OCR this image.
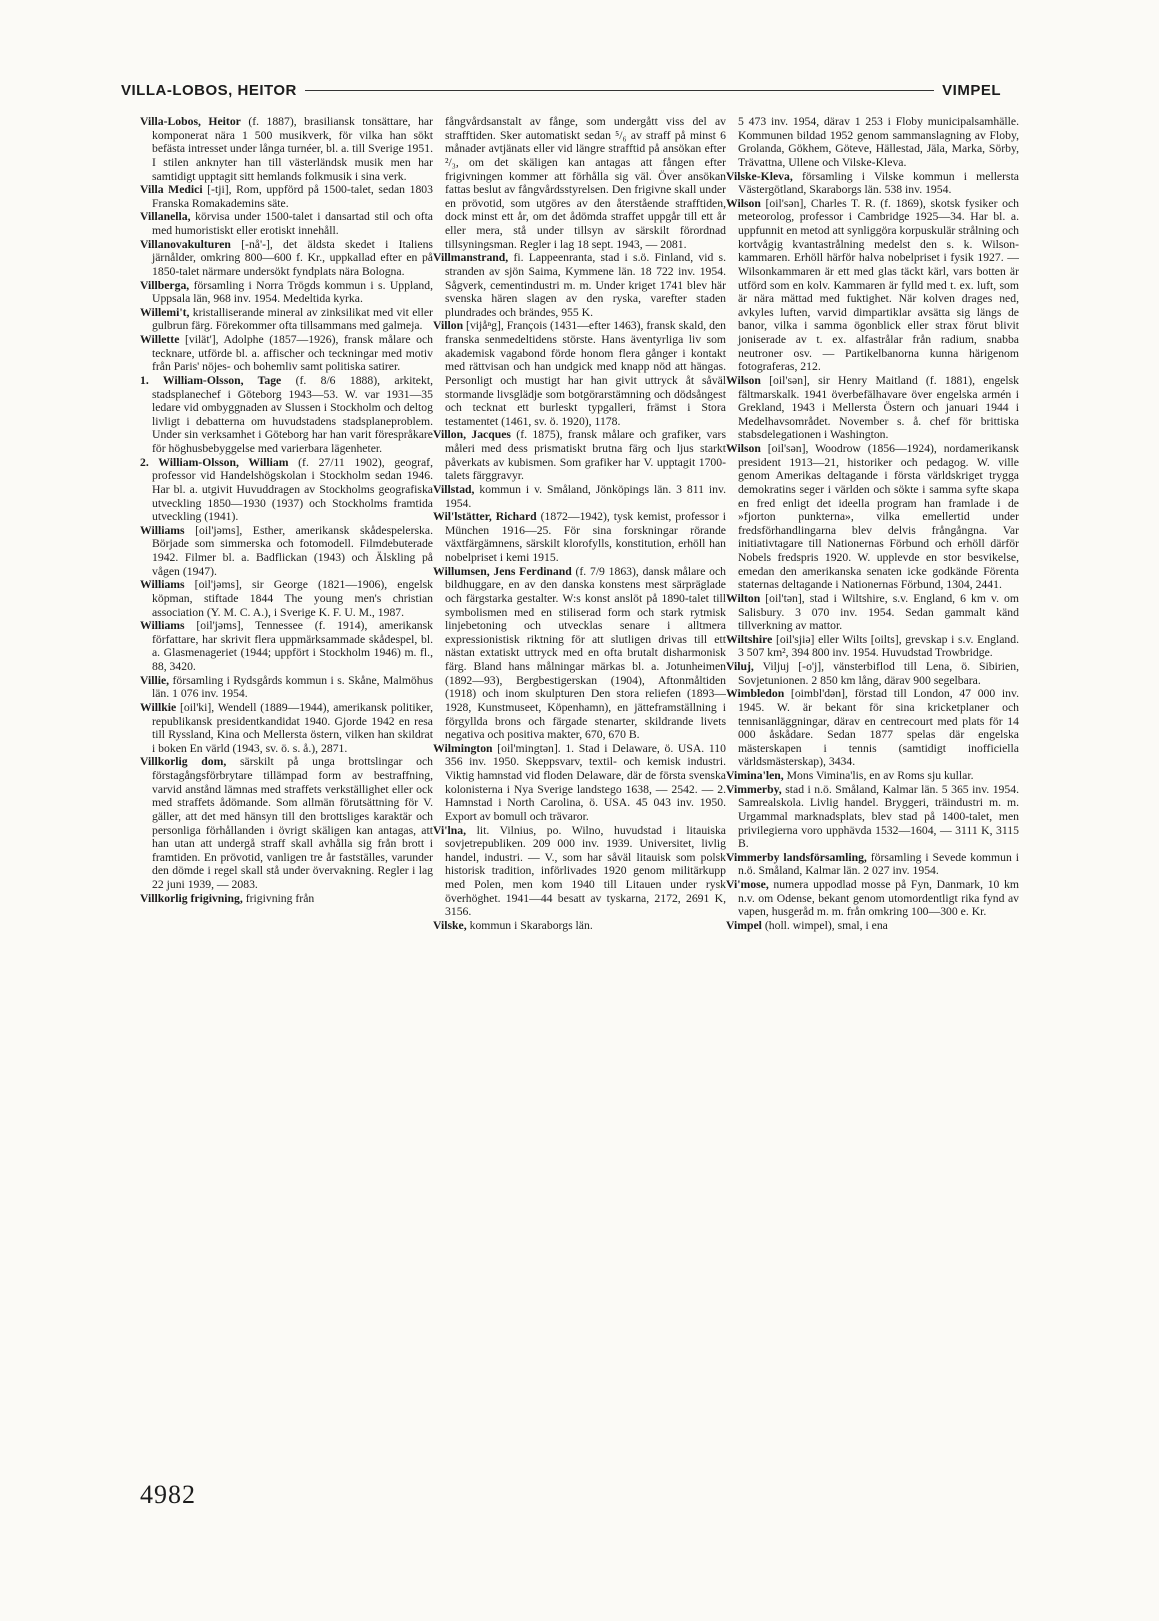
VILLA-LOBOS, HEITOR	VIMPEL

Villa-Lobos, Heitor (f. 1887), brasiliansk tonsättare, har komponerat nära 1 500 musikverk, för vilka han sökt befästa intresset under långa turnéer, bl. a. till Sverige 1951. I stilen anknyter han till västerländsk musik men har samtidigt upptagit sitt hemlands folkmusik i sina verk.

Villa Medici [-tji], Rom, uppförd på 1500-talet, sedan 1803 Franska Romakademins säte.

Villanella, körvisa under 1500-talet i dansartad stil och ofta med humoristiskt eller erotiskt innehåll.

Villanovakulturen [-nå'-], det äldsta skedet i Italiens järnålder, omkring 800—600 f. Kr., uppkallad efter en på 1850-talet närmare undersökt fyndplats nära Bologna.

Villberga, församling i Norra Trögds kommun i s. Uppland, Uppsala län, 968 inv. 1954. Medeltida kyrka.

Willemi't, kristalliserande mineral av zinksilikat med vit eller gulbrun färg. Förekommer ofta tillsammans med galmeja.

Willette [vilät'], Adolphe (1857—1926), fransk målare och tecknare, utförde bl. a. affischer och teckningar med motiv från Paris' nöjes- och bohemliv samt politiska satirer.

1. William-Olsson, Tage (f. 8/6 1888), arkitekt, stadsplanechef i Göteborg 1943—53. W. var 1931—35 ledare vid ombyggnaden av Slussen i Stockholm och deltog livligt i debatterna om huvudstadens stadsplaneproblem. Under sin verksamhet i Göteborg har han varit förespråkare för höghusbebyggelse med varierbara lägenheter.

2. William-Olsson, William (f. 27/11 1902), geograf, professor vid Handelshögskolan i Stockholm sedan 1946. Har bl. a. utgivit Huvuddragen av Stockholms geografiska utveckling 1850—1930 (1937) och Stockholms framtida utveckling (1941).

Williams [oil'jəms], Esther, amerikansk skådespelerska. Började som simmerska och fotomodell. Filmdebuterade 1942. Filmer bl. a. Badflickan (1943) och Älskling på vågen (1947).

Williams [oil'jəms], sir George (1821—1906), engelsk köpman, stiftade 1844 The young men's christian association (Y. M. C. A.), i Sverige K. F. U. M., 1987.

Williams [oil'jəms], Tennessee (f. 1914), amerikansk författare, har skrivit flera uppmärksammade skådespel, bl. a. Glasmenageriet (1944; uppfört i Stockholm 1946) m. fl., 88, 3420.

Villie, församling i Rydsgårds kommun i s. Skåne, Malmöhus län. 1 076 inv. 1954.

Willkie [oil'ki], Wendell (1889—1944), amerikansk politiker, republikansk presidentkandidat 1940. Gjorde 1942 en resa till Ryssland, Kina och Mellersta östern, vilken han skildrat i boken En värld (1943, sv. ö. s. å.), 2871.

Villkorlig dom, särskilt på unga brottslingar och förstagångsförbrytare tillämpad form av bestraffning, varvid anstånd lämnas med straffets verkställighet eller ock med straffets ådömande. Som allmän förutsättning för V. gäller, att det med hänsyn till den brottsliges karaktär och personliga förhållanden i övrigt skäligen kan antagas, att han utan att undergå straff skall avhålla sig från brott i framtiden. En prövotid, vanligen tre år fastställes, varunder den dömde i regel skall stå under övervakning. Regler i lag 22 juni 1939, — 2083.

Villkorlig frigivning, frigivning från

fångvårdsanstalt av fånge, som undergått viss del av strafftiden. Sker automatiskt sedan ⁵/₆ av straff på minst 6 månader avtjänats eller vid längre strafftid på ansökan efter ²/₃, om det skäligen kan antagas att fången efter frigivningen kommer att förhålla sig väl. Över ansökan fattas beslut av fångvårdsstyrelsen. Den frigivne skall under en prövotid, som utgöres av den återstående strafftiden, dock minst ett år, om det ådömda straffet uppgår till ett år eller mera, stå under tillsyn av särskilt förordnad tillsyningsman. Regler i lag 18 sept. 1943, — 2081.

Villmanstrand, fi. Lappeenranta, stad i s.ö. Finland, vid s. stranden av sjön Saima, Kymmene län. 18 722 inv. 1954. Sågverk, cementindustri m. m. Under kriget 1741 blev här svenska hären slagen av den ryska, varefter staden plundrades och brändes, 955 K.

Villon [vijåⁿg], François (1431—efter 1463), fransk skald, den franska senmedeltidens störste. Hans äventyrliga liv som akademisk vagabond förde honom flera gånger i kontakt med rättvisan och han undgick med knapp nöd att hängas. Personligt och mustigt har han givit uttryck åt såväl stormande livsglädje som botgörarstämning och dödsångest och tecknat ett burleskt typgalleri, främst i Stora testamentet (1461, sv. ö. 1920), 1178.

Villon, Jacques (f. 1875), fransk målare och grafiker, vars måleri med dess prismatiskt brutna färg och ljus starkt påverkats av kubismen. Som grafiker har V. upptagit 1700-talets färggravyr.

Villstad, kommun i v. Småland, Jönköpings län. 3 811 inv. 1954.

Wil'lstätter, Richard (1872—1942), tysk kemist, professor i München 1916—25. För sina forskningar rörande växtfärgämnens, särskilt klorofylls, konstitution, erhöll han nobelpriset i kemi 1915.

Willumsen, Jens Ferdinand (f. 7/9 1863), dansk målare och bildhuggare, en av den danska konstens mest särpräglade och färgstarka gestalter. W:s konst anslöt på 1890-talet till symbolismen med en stiliserad form och stark rytmisk linjebetoning och utvecklas senare i alltmera expressionistisk riktning för att slutligen drivas till ett nästan extatiskt uttryck med en ofta brutalt disharmonisk färg. Bland hans målningar märkas bl. a. Jotunheimen (1892—93), Bergbestigerskan (1904), Aftonmåltiden (1918) och inom skulpturen Den stora reliefen (1893—1928, Kunstmuseet, Köpenhamn), en jättefra​mställning i förgyllda brons och färgade stenarter, skildrande livets negativa och positiva makter, 670, 670 B.

Wilmington [oil'mingtən]. 1. Stad i Delaware, ö. USA. 110 356 inv. 1950. Skeppsvarv, textil- och kemisk industri. Viktig hamnstad vid floden Delaware, där de första svenska kolonisterna i Nya Sverige landstego 1638, — 2542. — 2. Hamnstad i North Carolina, ö. USA. 45 043 inv. 1950. Export av bomull och trävaror.

Vi'lna, lit. Vilnius, po. Wilno, huvudstad i litauiska sovjetrepubliken. 209 000 inv. 1939. Universitet, livlig handel, industri. — V., som har såväl litauisk som polsk historisk tradition, införlivades 1920 genom militärkupp med Polen, men kom 1940 till Litauen under rysk överhöghet. 1941—44 besatt av tyskarna, 2172, 2691 K, 3156.

Vilske, kommun i Skaraborgs län.

5 473 inv. 1954, därav 1 253 i Floby municipalsamhälle. Kommunen bildad 1952 genom sammanslagning av Floby, Grolanda, Gökhem, Göteve, Hällestad, Jäla, Marka, Sörby, Trävattna, Ullene och Vilske-Kleva.

Vilske-Kleva, församling i Vilske kommun i mellersta Västergötland, Skaraborgs län. 538 inv. 1954.

Wilson [oil'sən], Charles T. R. (f. 1869), skotsk fysiker och meteorolog, professor i Cambridge 1925—34. Har bl. a. uppfunnit en metod att synliggöra korpuskulär strålning och kortvågig kvantastrålning medelst den s. k. Wilson-kammaren. Erhöll härför halva nobelpriset i fysik 1927. — Wilsonkammaren är ett med glas täckt kärl, vars botten är utförd som en kolv. Kammaren är fylld med t. ex. luft, som är nära mättad med fuktighet. När kolven drages ned, avkyles luften, varvid dimpartiklar avsätta sig längs de banor, vilka i samma ögonblick eller strax förut blivit joniserade av t. ex. alfastrålar från radium, snabba neutroner osv. — Partikelbanorna kunna härigenom fotograferas, 212.

Wilson [oil'sən], sir Henry Maitland (f. 1881), engelsk fältmarskalk. 1941 överbefälhavare över engelska armén i Grekland, 1943 i Mellersta Östern och januari 1944 i Medelhavsområdet. November s. å. chef för brittiska stabsdelegationen i Washington.

Wilson [oil'sən], Woodrow (1856—1924), nordamerikansk president 1913—21, historiker och pedagog. W. ville genom Amerikas deltagande i första världskriget trygga demokratins seger i världen och sökte i samma syfte skapa en fred enligt det ideella program han framlade i de »fjorton punkterna», vilka emellertid under fredsförhandlingarna blev delvis frångångna. Var initiativtagare till Nationernas Förbund och erhöll därför Nobels fredspris 1920. W. upplevde en stor besvikelse, emedan den amerikanska senaten icke godkände Förenta staternas deltagande i Nationernas Förbund, 1304, 2441.

Wilton [oil'tən], stad i Wiltshire, s.v. England, 6 km v. om Salisbury. 3 070 inv. 1954. Sedan gammalt känd tillverkning av mattor.

Wiltshire [oil'sjiə] eller Wilts [oilts], grevskap i s.v. England. 3 507 km², 394 800 inv. 1954. Huvudstad Trowbridge.

Viluj, Viljuj [-o'j], vänsterbiflod till Lena, ö. Sibirien, Sovjetunionen. 2 850 km lång, därav 900 segelbara.

Wimbledon [oimbl'dən], förstad till London, 47 000 inv. 1945. W. är bekant för sina kricketplaner och tennisanläggningar, därav en centrecourt med plats för 14 000 åskådare. Sedan 1877 spelas där engelska mästerskapen i tennis (samtidigt inofficiella världsmästerskap), 3434.

Vimina'len, Mons Vimina'lis, en av Roms sju kullar.

Vimmerby, stad i n.ö. Småland, Kalmar län. 5 365 inv. 1954. Samrealskola. Livlig handel. Bryggeri, träindustri m. m. Urgammal marknadsplats, blev stad på 1400-talet, men privilegierna voro upphävda 1532—1604, — 3111 K, 3115 B.

Vimmerby landsförsamling, församling i Sevede kommun i n.ö. Småland, Kalmar län. 2 027 inv. 1954.

Vi'mose, numera uppodlad mosse på Fyn, Danmark, 10 km n.v. om Odense, bekant genom utomordentligt rika fynd av vapen, husgeråd m. m. från omkring 100—300 e. Kr.

Vimpel (holl. wimpel), smal, i ena

4982
